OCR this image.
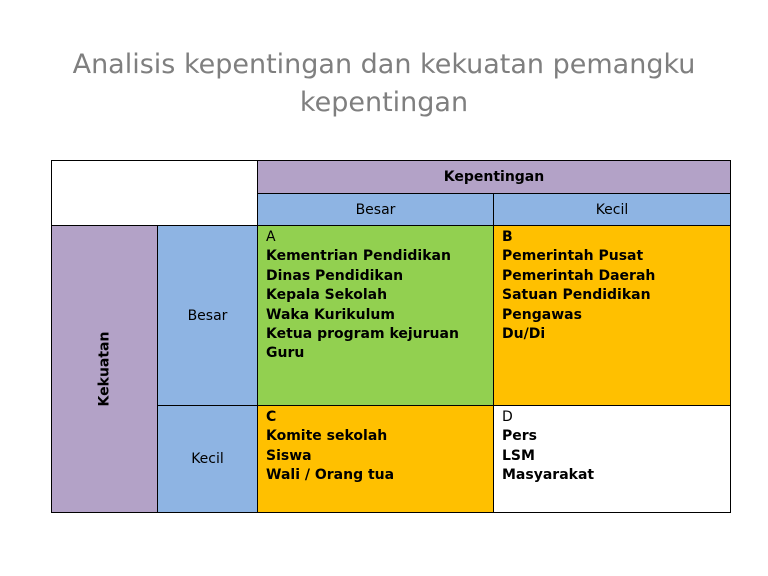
Analisis kepentingan dan kekuatan pemangku kepentingan
Kepentingan
Besar	Kecil
Kekuatan
Besar
Kecil
A
Kementrian Pendidikan
Dinas Pendidikan
Kepala Sekolah
Waka Kurikulum
Ketua program kejuruan
Guru
B
Pemerintah Pusat
Pemerintah Daerah
Satuan Pendidikan
Pengawas
Du/Di
C
Komite sekolah
Siswa
Wali / Orang tua
D
Pers
LSM
Masyarakat
